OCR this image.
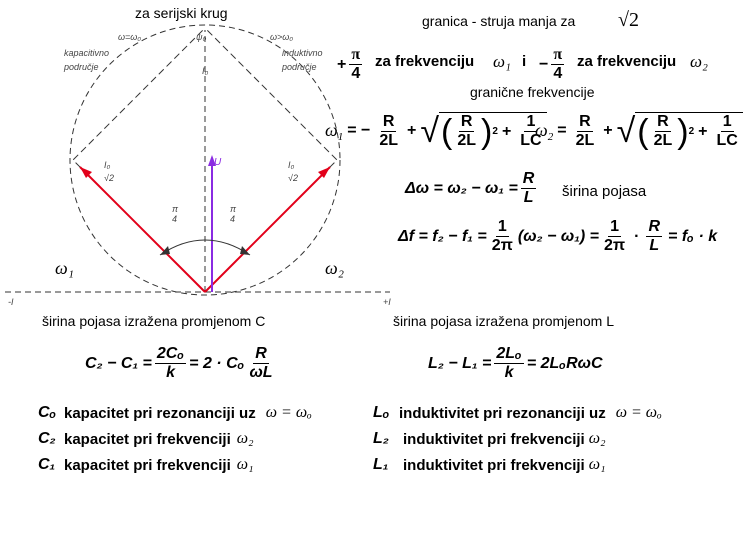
za serijski krug
ω=ω₀	ψ₀	ω>ω₀
kapacitivno
područje
induktivno
područje
I₀
U
I₀
√2
I₀
√2
π
4
π
4
-I	+I
ω₁	ω₂
granica - struja manja za √2
+ $\frac{\pi}{4}$ za frekvenciju ω₁ $i - \frac{\pi}{4}$ za frekvenciju ω₂
granične frekvencije
$\omega_1$ = − $\frac{R}{2L}$ + √ ( $\frac{R}{2L}$ ) $2 + \frac{1}{LC}$
$\omega_2 = \frac{R}{2L}$ + √ ( $\frac{R}{2L}$ ) $2 + \frac{1}{LC}$
$\Delta\omega = \omega_2 - \omega_1 = \frac{R}{L}$ širina pojasa
$\Delta f = f_2 - f_1 = \frac{1}{2\pi} (\omega_2 - \omega_1) = \frac{1}{2\pi} \cdot \frac{R}{L} = f_o \cdot k$
širina pojasa izražena promjenom C	širina pojasa izražena promjenom L
$C_2 - C_1 = \frac{\text{2Cₒ}}{k} = 2 \cdot C_o \frac{R}{\omega L}$	$L_2 - L_1 = \frac{\text{2Lₒ}}{k} = 2L_oR\omega C$
Cₒ kapacitet pri rezonanciji uz ω = ωₒ
C₂ kapacitet pri frekvenciji ω₂
C₁ kapacitet pri frekvenciji ω₁
Lₒ induktivitet pri rezonanciji uz ω = ωₒ
L₂ induktivitet pri frekvenciji ω₂
L₁ induktivitet pri frekvenciji ω₁
